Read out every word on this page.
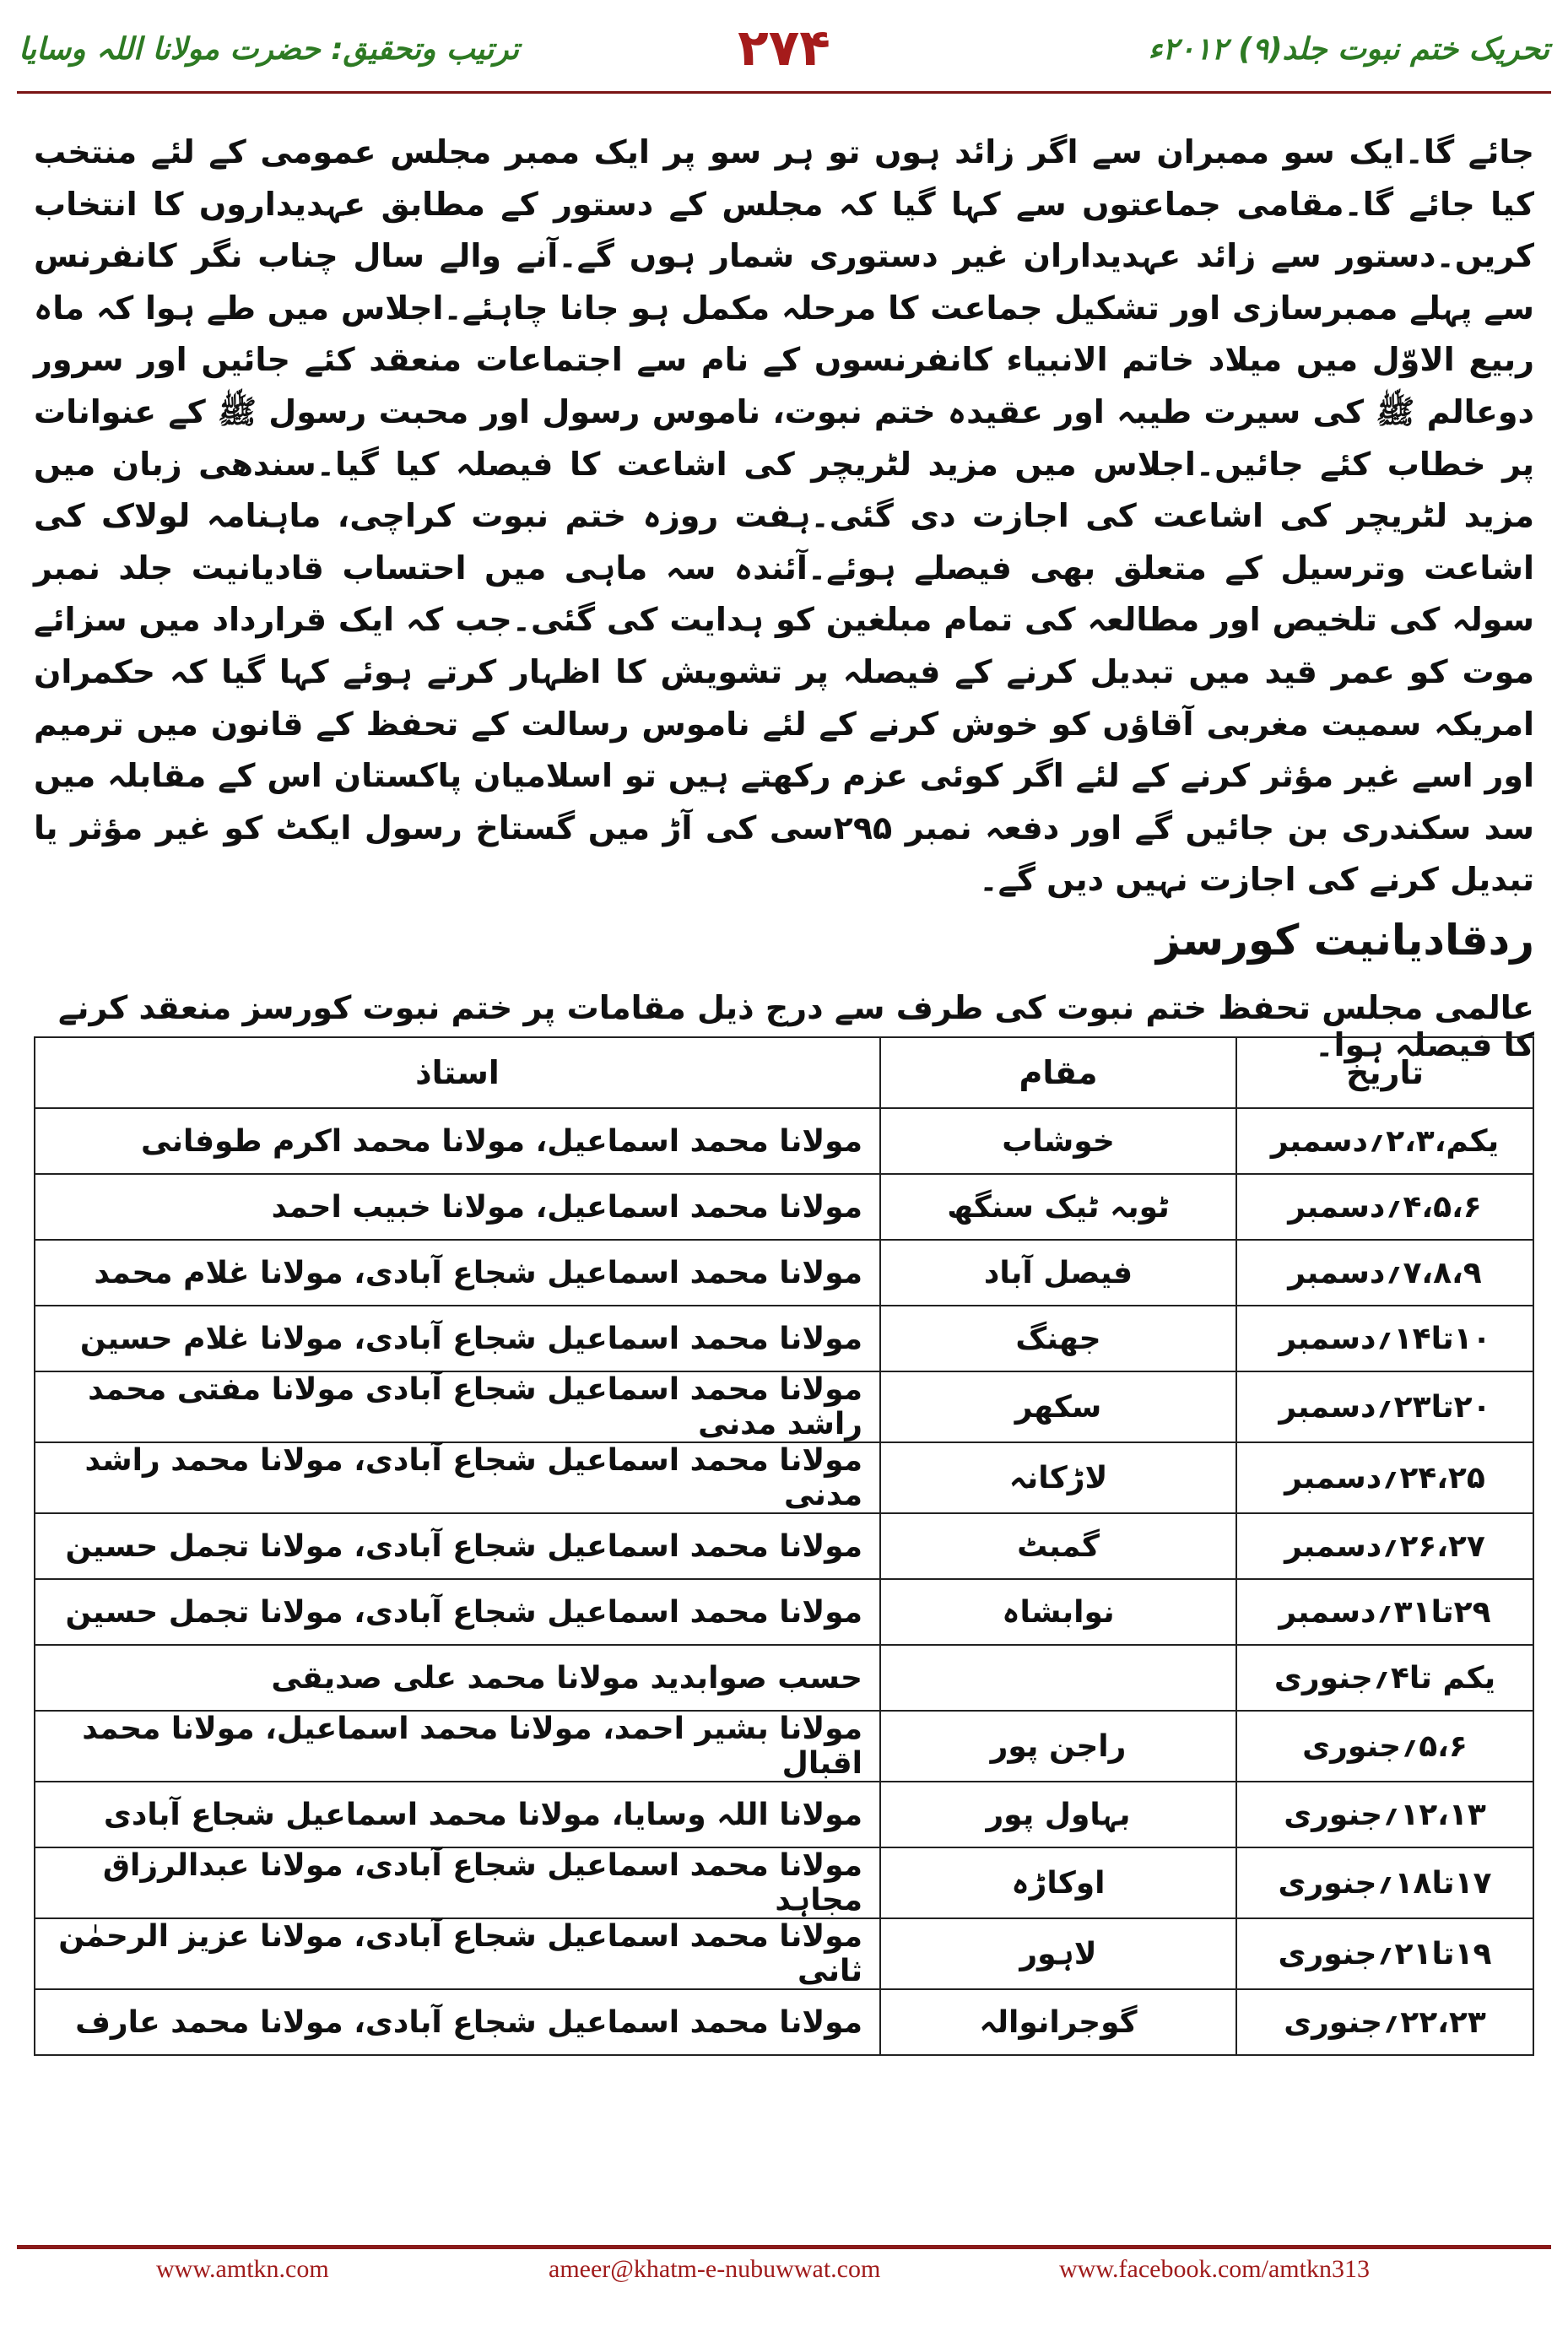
تحریک ختم نبوت جلد(۹) ۲۰۱۲ء
ترتیب وتحقیق: حضرت مولانا اللہ وسایا	۲۷۴
جائے گا۔ایک سو ممبران سے اگر زائد ہوں تو ہر سو پر ایک ممبر مجلس عمومی کے لئے منتخب کیا جائے گا۔مقامی جماعتوں سے کہا گیا کہ مجلس کے دستور کے مطابق عہدیداروں کا انتخاب کریں۔دستور سے زائد عہدیداران غیر دستوری شمار ہوں گے۔آنے والے سال چناب نگر کانفرنس سے پہلے ممبرسازی اور تشکیل جماعت کا مرحلہ مکمل ہو جانا چاہئے۔اجلاس میں طے ہوا کہ ماہ ربیع الاوّل میں میلاد خاتم الانبیاء کانفرنسوں کے نام سے اجتماعات منعقد کئے جائیں اور سرور دوعالم ﷺ کی سیرت طیبہ اور عقیدہ ختم نبوت، ناموس رسول اور محبت رسول ﷺ کے عنوانات پر خطاب کئے جائیں۔اجلاس میں مزید لٹریچر کی اشاعت کا فیصلہ کیا گیا۔سندھی زبان میں مزید لٹریچر کی اشاعت کی اجازت دی گئی۔ہفت روزہ ختم نبوت کراچی، ماہنامہ لولاک کی اشاعت وترسیل کے متعلق بھی فیصلے ہوئے۔آئندہ سہ ماہی میں احتساب قادیانیت جلد نمبر سولہ کی تلخیص اور مطالعہ کی تمام مبلغین کو ہدایت کی گئی۔جب کہ ایک قرارداد میں سزائے موت کو عمر قید میں تبدیل کرنے کے فیصلہ پر تشویش کا اظہار کرتے ہوئے کہا گیا کہ حکمران امریکہ سمیت مغربی آقاؤں کو خوش کرنے کے لئے ناموس رسالت کے تحفظ کے قانون میں ترمیم اور اسے غیر مؤثر کرنے کے لئے اگر کوئی عزم رکھتے ہیں تو اسلامیان پاکستان اس کے مقابلہ میں سد سکندری بن جائیں گے اور دفعہ نمبر ۲۹۵سی کی آڑ میں گستاخ رسول ایکٹ کو غیر مؤثر یا تبدیل کرنے کی اجازت نہیں دیں گے۔
ردقادیانیت کورسز
عالمی مجلس تحفظ ختم نبوت کی طرف سے درج ذیل مقامات پر ختم نبوت کورسز منعقد کرنے کا فیصلہ ہوا۔
تاریخ	مقام	استاذ
یکم،۲،۳؍دسمبر	خوشاب	مولانا محمد اسماعیل، مولانا محمد اکرم طوفانی
۴،۵،۶؍دسمبر	ٹوبہ ٹیک سنگھ	مولانا محمد اسماعیل، مولانا خبیب احمد
۷،۸،۹؍دسمبر	فیصل آباد	مولانا محمد اسماعیل شجاع آبادی، مولانا غلام محمد
۱۰تا۱۴؍دسمبر	جھنگ	مولانا محمد اسماعیل شجاع آبادی، مولانا غلام حسین
۲۰تا۲۳؍دسمبر	سکھر	مولانا محمد اسماعیل شجاع آبادی مولانا مفتی محمد راشد مدنی
۲۴،۲۵؍دسمبر	لاڑکانہ	مولانا محمد اسماعیل شجاع آبادی، مولانا محمد راشد مدنی
۲۶،۲۷؍دسمبر	گمبٹ	مولانا محمد اسماعیل شجاع آبادی، مولانا تجمل حسین
۲۹تا۳۱؍دسمبر	نوابشاہ	مولانا محمد اسماعیل شجاع آبادی، مولانا تجمل حسین
یکم تا۴؍جنوری		حسب صوابدید مولانا محمد علی صدیقی
۵،۶؍جنوری	راجن پور	مولانا بشیر احمد، مولانا محمد اسماعیل، مولانا محمد اقبال
۱۲،۱۳؍جنوری	بہاول پور	مولانا اللہ وسایا، مولانا محمد اسماعیل شجاع آبادی
۱۷تا۱۸؍جنوری	اوکاڑہ	مولانا محمد اسماعیل شجاع آبادی، مولانا عبدالرزاق مجاہد
۱۹تا۲۱؍جنوری	لاہور	مولانا محمد اسماعیل شجاع آبادی، مولانا عزیز الرحمٰن ثانی
۲۲،۲۳؍جنوری	گوجرانوالہ	مولانا محمد اسماعیل شجاع آبادی، مولانا محمد عارف
www.amtkn.com	ameer@khatm-e-nubuwwat.com	www.facebook.com/amtkn313
